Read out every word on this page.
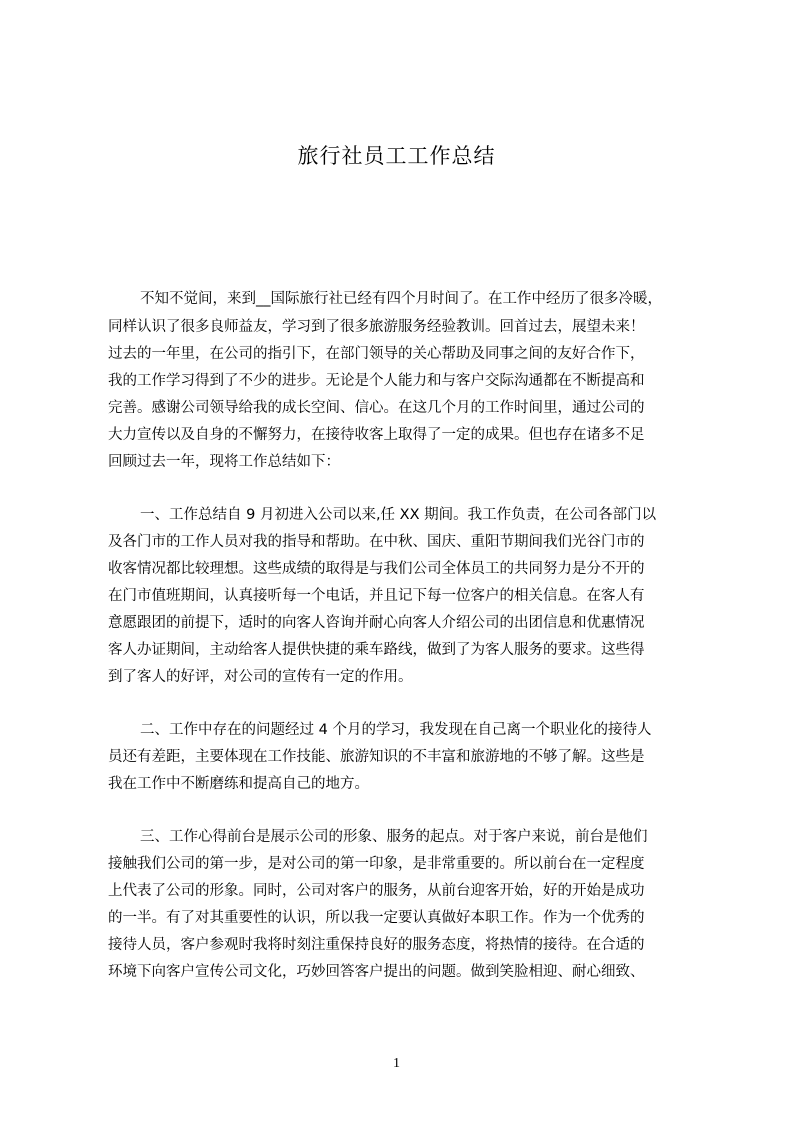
旅行社员工工作总结
不知不觉间，来到__国际旅行社已经有四个月时间了。在工作中经历了很多冷暖，
同样认识了很多良师益友，学习到了很多旅游服务经验教训。回首过去，展望未来！
过去的一年里，在公司的指引下，在部门领导的关心帮助及同事之间的友好合作下，
我的工作学习得到了不少的进步。无论是个人能力和与客户交际沟通都在不断提高和
完善。感谢公司领导给我的成长空间、信心。在这几个月的工作时间里，通过公司的
大力宣传以及自身的不懈努力，在接待收客上取得了一定的成果。但也存在诸多不足
回顾过去一年，现将工作总结如下：
一、工作总结自 9 月初进入公司以来,任 XX 期间。我工作负责，在公司各部门以
及各门市的工作人员对我的指导和帮助。在中秋、国庆、重阳节期间我们光谷门市的
收客情况都比较理想。这些成绩的取得是与我们公司全体员工的共同努力是分不开的
在门市值班期间，认真接听每一个电话，并且记下每一位客户的相关信息。在客人有
意愿跟团的前提下，适时的向客人咨询并耐心向客人介绍公司的出团信息和优惠情况
客人办证期间，主动给客人提供快捷的乘车路线，做到了为客人服务的要求。这些得
到了客人的好评，对公司的宣传有一定的作用。
二、工作中存在的问题经过 4 个月的学习，我发现在自己离一个职业化的接待人
员还有差距，主要体现在工作技能、旅游知识的不丰富和旅游地的不够了解。这些是
我在工作中不断磨练和提高自己的地方。
三、工作心得前台是展示公司的形象、服务的起点。对于客户来说，前台是他们
接触我们公司的第一步，是对公司的第一印象，是非常重要的。所以前台在一定程度
上代表了公司的形象。同时，公司对客户的服务，从前台迎客开始，好的开始是成功
的一半。有了对其重要性的认识，所以我一定要认真做好本职工作。作为一个优秀的
接待人员，客户参观时我将时刻注重保持良好的服务态度，将热情的接待。在合适的
环境下向客户宣传公司文化，巧妙回答客户提出的问题。做到笑脸相迎、耐心细致、
1
